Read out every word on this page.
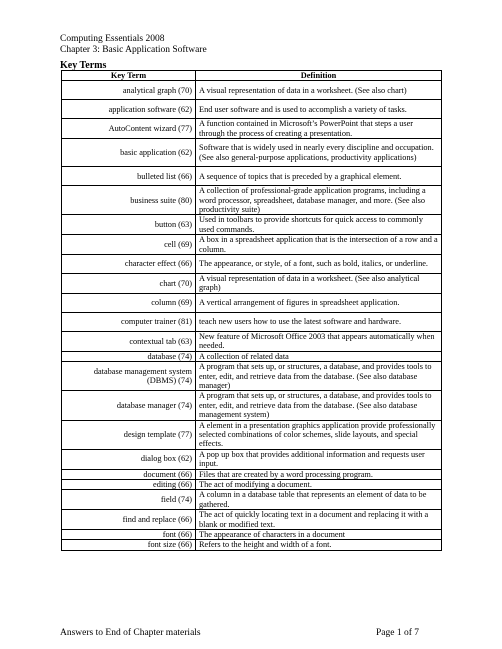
Computing Essentials 2008
Chapter 3: Basic Application Software
Key Terms
Key Term	Definition
analytical graph (70)	A visual representation of data in a worksheet. (See also chart)
application software (62)	End user software and is used to accomplish a variety of tasks.
AutoContent wizard (77)	A function contained in Microsoft’s PowerPoint that steps a user through the process of creating a presentation.
basic application (62)	Software that is widely used in nearly every discipline and occupation. (See also general-purpose applications, productivity applications)
bulleted list (66)	A sequence of topics that is preceded by a graphical element.
business suite (80)	A collection of professional-grade application programs, including a word processor, spreadsheet, database manager, and more. (See also productivity suite)
button (63)	Used in toolbars to provide shortcuts for quick access to commonly used commands.
cell (69)	A box in a spreadsheet application that is the intersection of a row and a column.
character effect (66)	The appearance, or style, of a font, such as bold, italics, or underline.
chart (70)	A visual representation of data in a worksheet. (See also analytical graph)
column (69)	A vertical arrangement of figures in spreadsheet application.
computer trainer (81)	teach new users how to use the latest software and hardware.
contextual tab (63)	New feature of Microsoft Office 2003 that appears automatically when needed.
database (74)	A collection of related data
database management system (DBMS) (74)	A program that sets up, or structures, a database, and provides tools to enter, edit, and retrieve data from the database. (See also database manager)
database manager (74)	A program that sets up, or structures, a database, and provides tools to enter, edit, and retrieve data from the database. (See also database management system)
design template (77)	A element in a presentation graphics application provide professionally selected combinations of color schemes, slide layouts, and special effects.
dialog box (62)	A pop up box that provides additional information and requests user input.
document (66)	Files that are created by a word processing program.
editing (66)	The act of modifying a document.
field (74)	A column in a database table that represents an element of data to be gathered.
find and replace (66)	The act of quickly locating text in a document and replacing it with a blank or modified text.
font (66)	The appearance of characters in a document
font size (66)	Refers to the height and width of a font.
Answers to End of Chapter materials	Page 1 of 7
